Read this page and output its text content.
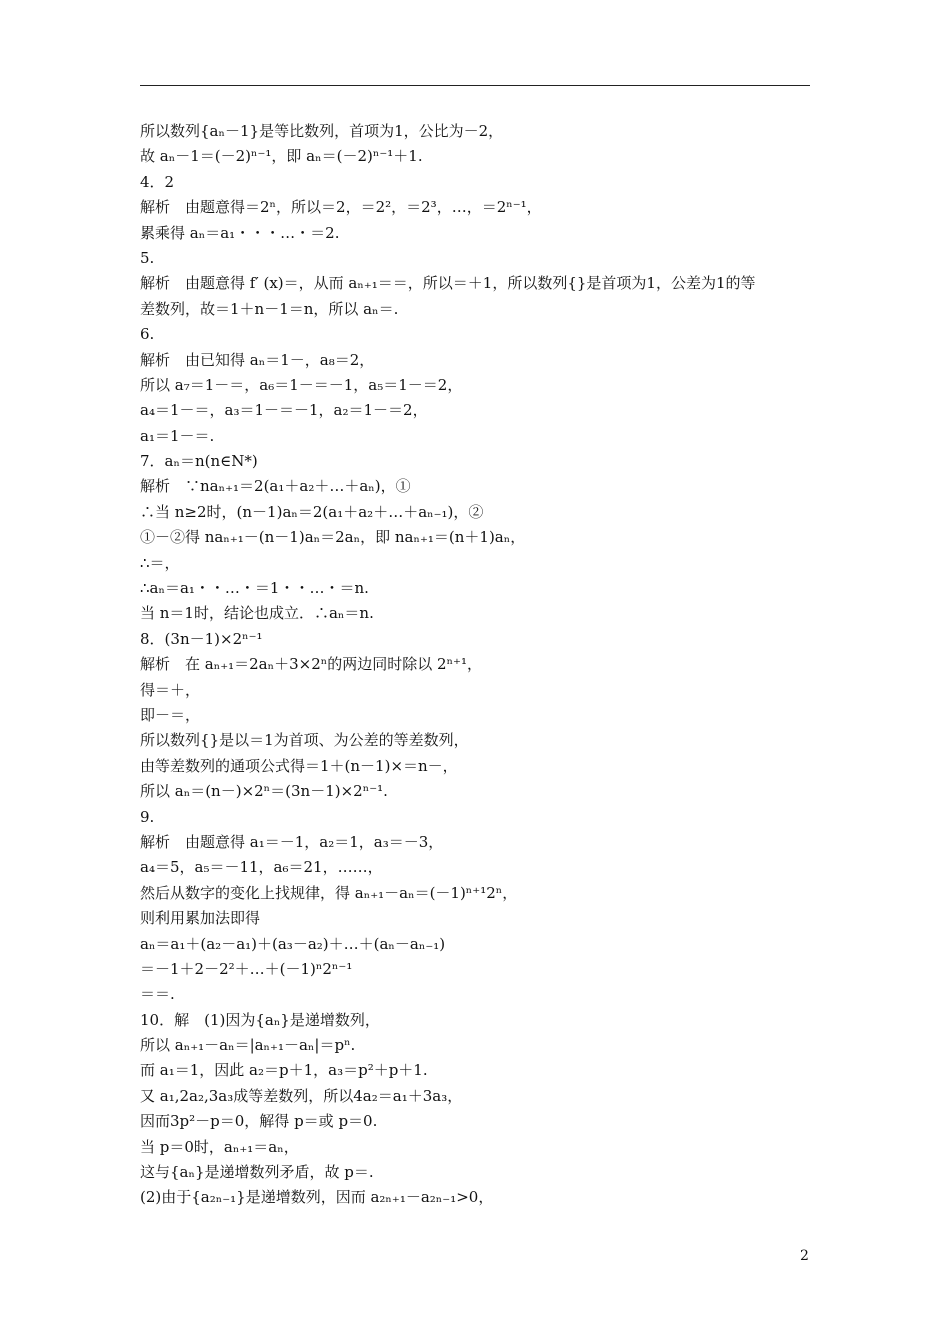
所以数列{aₙ－1}是等比数列，首项为1，公比为－2，
故 aₙ－1＝(－2)ⁿ⁻¹，即 aₙ＝(－2)ⁿ⁻¹＋1.
4．2
解析　由题意得＝2ⁿ，所以＝2，＝2²，＝2³，…，＝2ⁿ⁻¹，
累乘得 aₙ＝a₁・・・…・＝2.
5.
解析　由题意得 f′ (x)＝，从而 aₙ₊₁＝＝，所以＝＋1，所以数列{}是首项为1，公差为1的等
差数列，故＝1＋n－1＝n，所以 aₙ＝.
6.
解析　由已知得 aₙ＝1－，a₈＝2，
所以 a₇＝1－＝，a₆＝1－＝－1，a₅＝1－＝2，
a₄＝1－＝，a₃＝1－＝－1，a₂＝1－＝2，
a₁＝1－＝.
7．aₙ＝n(n∈N*)
解析　∵naₙ₊₁＝2(a₁＋a₂＋…＋aₙ)，①
∴当 n≥2时，(n－1)aₙ＝2(a₁＋a₂＋…＋aₙ₋₁)，②
①－②得 naₙ₊₁－(n－1)aₙ＝2aₙ，即 naₙ₊₁＝(n＋1)aₙ，
∴＝，
∴aₙ＝a₁・・…・＝1・・…・＝n.
当 n＝1时，结论也成立．∴aₙ＝n.
8．(3n－1)×2ⁿ⁻¹
解析　在 aₙ₊₁＝2aₙ＋3×2ⁿ的两边同时除以 2ⁿ⁺¹，
得＝＋，
即－＝，
所以数列{}是以＝1为首项、为公差的等差数列，
由等差数列的通项公式得＝1＋(n－1)×＝n－，
所以 aₙ＝(n－)×2ⁿ＝(3n－1)×2ⁿ⁻¹.
9.
解析　由题意得 a₁＝－1，a₂＝1，a₃＝－3，
a₄＝5，a₅＝－11，a₆＝21，……，
然后从数字的变化上找规律，得 aₙ₊₁－aₙ＝(－1)ⁿ⁺¹2ⁿ，
则利用累加法即得
aₙ＝a₁＋(a₂－a₁)＋(a₃－a₂)＋…＋(aₙ－aₙ₋₁)
＝－1＋2－2²＋…＋(－1)ⁿ2ⁿ⁻¹
＝＝.
10．解　(1)因为{aₙ}是递增数列，
所以 aₙ₊₁－aₙ＝|aₙ₊₁－aₙ|＝pⁿ.
而 a₁＝1，因此 a₂＝p＋1，a₃＝p²＋p＋1.
又 a₁,2a₂,3a₃成等差数列，所以4a₂＝a₁＋3a₃，
因而3p²－p＝0，解得 p＝或 p＝0.
当 p＝0时，aₙ₊₁＝aₙ，
这与{aₙ}是递增数列矛盾，故 p＝.
(2)由于{a₂ₙ₋₁}是递增数列，因而 a₂ₙ₊₁－a₂ₙ₋₁>0，
2
